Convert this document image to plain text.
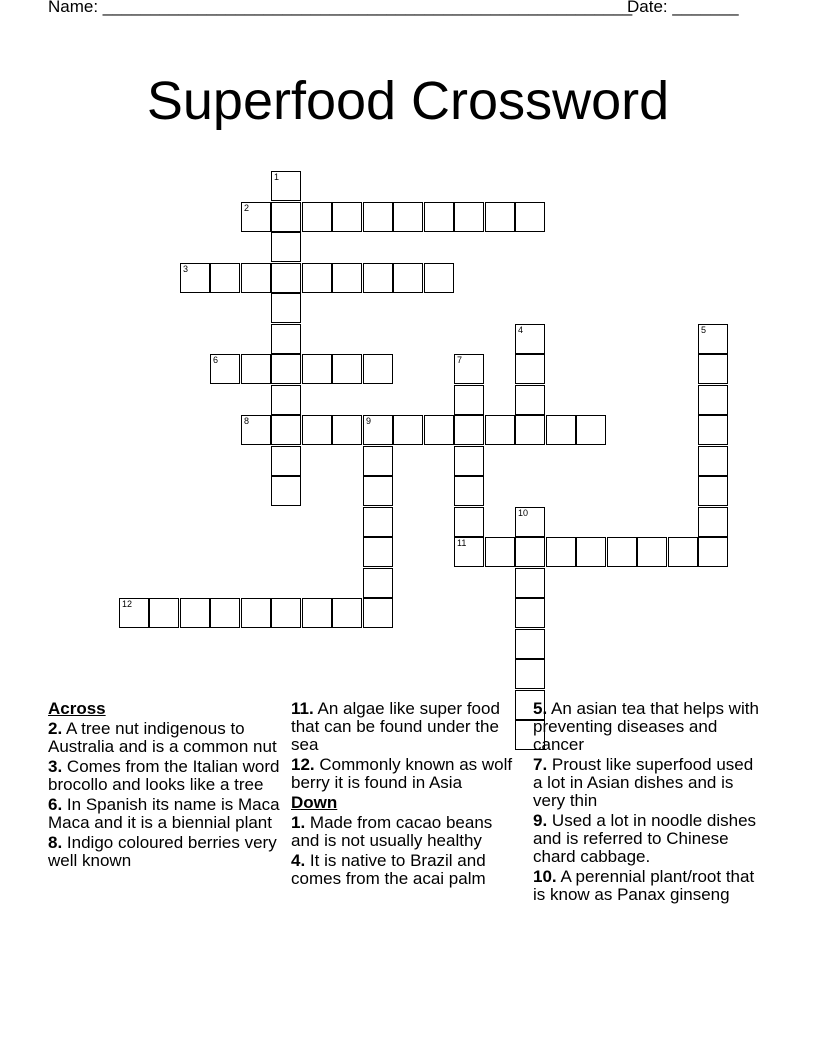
Name: ________________________________________________________
Date: _______
Superfood Crossword
1
2
3
6
8	9
4	5
7
10
11
12
Across
2. A tree nut indigenous to Australia and is a common nut
3. Comes from the Italian word brocollo and looks like a tree
6. In Spanish its name is Maca Maca and it is a biennial plant
8. Indigo coloured berries very well known
11. An algae like super food that can be found under the sea
12. Commonly known as wolf berry it is found in Asia
Down
1. Made from cacao beans and is not usually healthy
4. It is native to Brazil and comes from the acai palm
5. An asian tea that helps with preventing diseases and cancer
7. Proust like superfood used a lot in Asian dishes and is very thin
9. Used a lot in noodle dishes and is referred to Chinese chard cabbage.
10. A perennial plant/root that is know as Panax ginseng
